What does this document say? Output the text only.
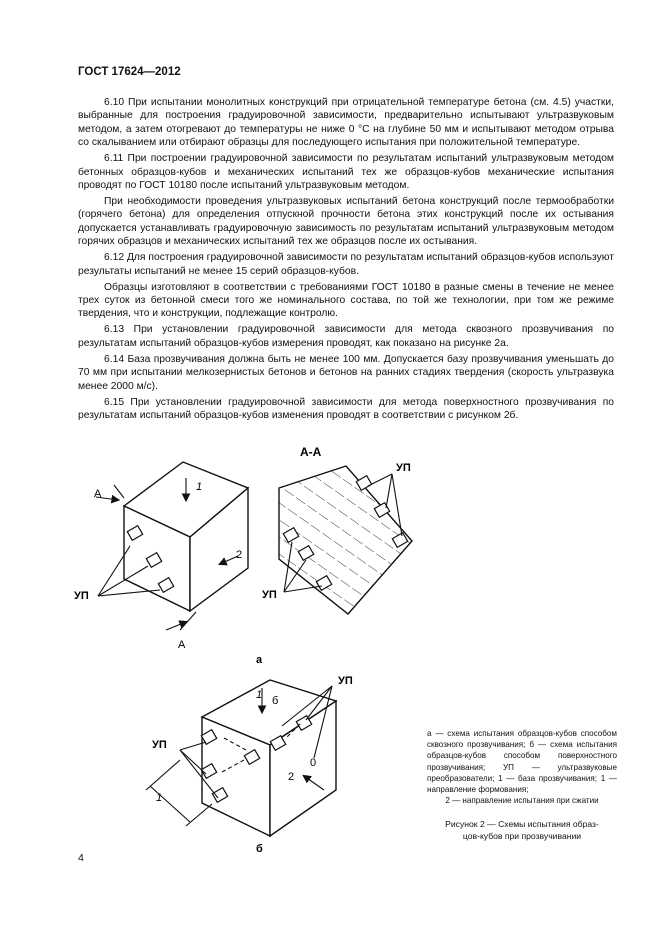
ГОСТ 17624—2012

6.10 При испытании монолитных конструкций при отрицательной температуре бетона (см. 4.5) участки, выбранные для построения градуировочной зависимости, предварительно испытывают ультразвуковым методом, а затем отогревают до температуры не ниже 0 °С на глубине 50 мм и испытывают методом отрыва со скалыванием или отбирают образцы для последующего испытания при положительной температуре.

6.11 При построении градуировочной зависимости по результатам испытаний ультразвуковым методом бетонных образцов-кубов и механических испытаний тех же образцов-кубов механические испытания проводят по ГОСТ 10180 после испытаний ультразвуковым методом.

При необходимости проведения ультразвуковых испытаний бетона конструкций после термообработки (горячего бетона) для определения отпускной прочности бетона этих конструкций после их остывания допускается устанавливать градуировочную зависимость по результатам испытаний ультразвуковым методом горячих образцов и механических испытаний тех же образцов после их остывания.

6.12 Для построения градуировочной зависимости по результатам испытаний образцов-кубов используют результаты испытаний не менее 15 серий образцов-кубов.

Образцы изготовляют в соответствии с требованиями ГОСТ 10180 в разные смены в течение не менее трех суток из бетонной смеси того же номинального состава, по той же технологии, при том же режиме твердения, что и конструкции, подлежащие контролю.

6.13 При установлении градуировочной зависимости для метода сквозного прозвучивания по результатам испытаний образцов-кубов измерения проводят, как показано на рисунке 2а.

6.14 База прозвучивания должна быть не менее 100 мм. Допускается базу прозвучивания уменьшать до 70 мм при испытании мелкозернистых бетонов и бетонов на ранних стадиях твердения (скорость ультразвука менее 2000 м/с).

6.15 При установлении градуировочной зависимости для метода поверхностного прозвучивания по результатам испытаний образцов-кубов изменения проводят в соответствии с рисунком 2б.

1
2
А
А
УП
А-А
УП
УП
а
1 б
0
2
1
УП
УП
б
а — схема испытания образцов-кубов способом сквозного прозвучивания; б — схема испытания образцов-кубов способом поверхностного прозвучивания; УП — ультразвуковые преобразователи; 1 — база прозвучивания; 1 — направление формования;
2 — направление испытания при сжатии
Рисунок 2 — Схемы испытания образ-
цов-кубов при прозвучивании
4
